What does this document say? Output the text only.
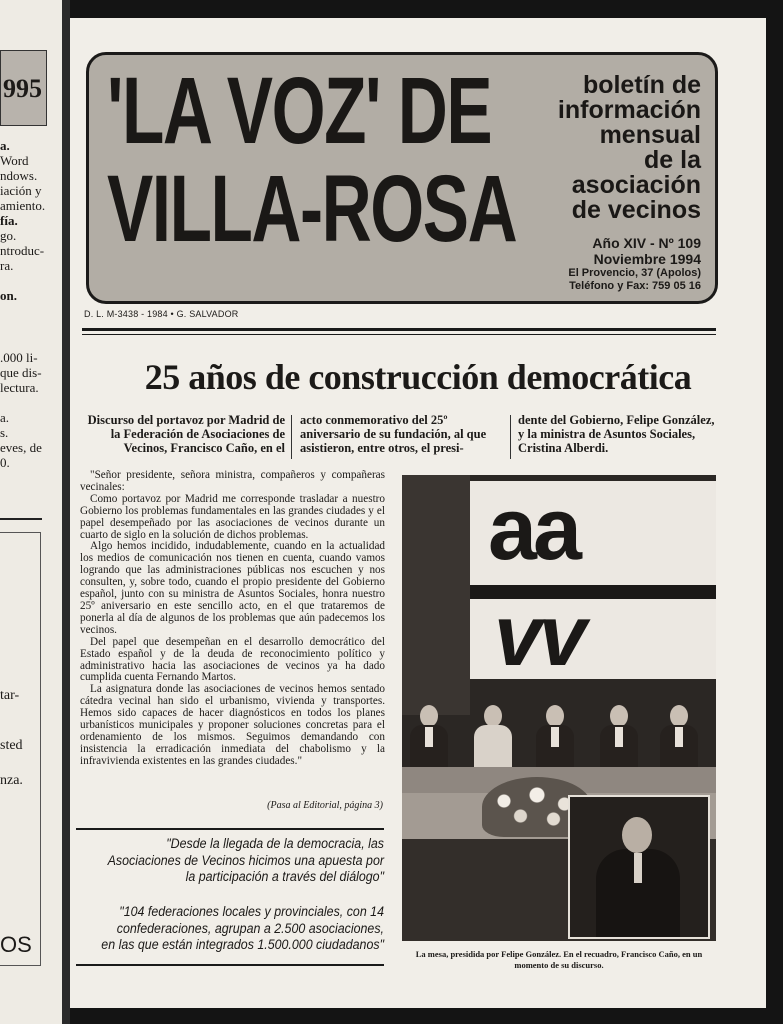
995
a.
Word
ndows.
iación y
amiento.
fía.
go.
ntroduc-
ra.

on.
.000 li-
que dis-
lectura.

a.
s.
eves, de
0.
tar-
sted
nza.
OS
'LA VOZ' DE
VILLA-ROSA
boletín de
información
mensual
de la
asociación
de vecinos
Año XIV - Nº 109
Noviembre 1994
El Provencio, 37 (Apolos)
Teléfono y Fax: 759 05 16
D. L. M-3438 - 1984 • G. SALVADOR
25 años de construcción democrática
Discurso del portavoz por Madrid de la Federación de Asociaciones de Vecinos, Francisco Caño, en el
acto conmemorativo del 25º aniversario de su fundación, al que asistieron, entre otros, el presi-
dente del Gobierno, Felipe González, y la ministra de Asuntos Sociales, Cristina Alberdi.

"Señor presidente, señora ministra, compañeros y compañeras vecinales:

Como portavoz por Madrid me corresponde trasladar a nuestro Gobierno los problemas fundamentales en las grandes ciudades y el papel desempeñado por las asociaciones de vecinos durante un cuarto de siglo en la solución de dichos problemas.

Algo hemos incidido, indudablemente, cuando en la actualidad los medios de comunicación nos tienen en cuenta, cuando vamos logrando que las administraciones públicas nos escuchen y nos consulten, y, sobre todo, cuando el propio presidente del Gobierno español, junto con su ministra de Asuntos Sociales, honra nuestro 25º aniversario en este sencillo acto, en el que trataremos de ponerla al día de algunos de los problemas que aún padecemos los vecinos.

Del papel que desempeñan en el desarrollo democrático del Estado español y de la deuda de reconocimiento político y administrativo hacia las asociaciones de vecinos ya ha dado cumplida cuenta Fernando Martos.

La asignatura donde las asociaciones de vecinos hemos sentado cátedra vecinal han sido el urbanismo, vivienda y transportes. Hemos sido capaces de hacer diagnósticos en todos los planes urbanísticos municipales y proponer soluciones concretas para el ordenamiento de los mismos. Seguimos demandando con insistencia la erradicación inmediata del chabolismo y la infravivienda existentes en las grandes ciudades."

(Pasa al Editorial, página 3)
"Desde la llegada de la democracia, las Asociaciones de Vecinos hicimos una apuesta por la participación a través del diálogo"
"104 federaciones locales y provinciales, con 14 confederaciones, agrupan a 2.500 asociaciones, en las que están integrados 1.500.000 ciudadanos"
aa
vv
La mesa, presidida por Felipe González. En el recuadro, Francisco Caño, en un momento de su discurso.
